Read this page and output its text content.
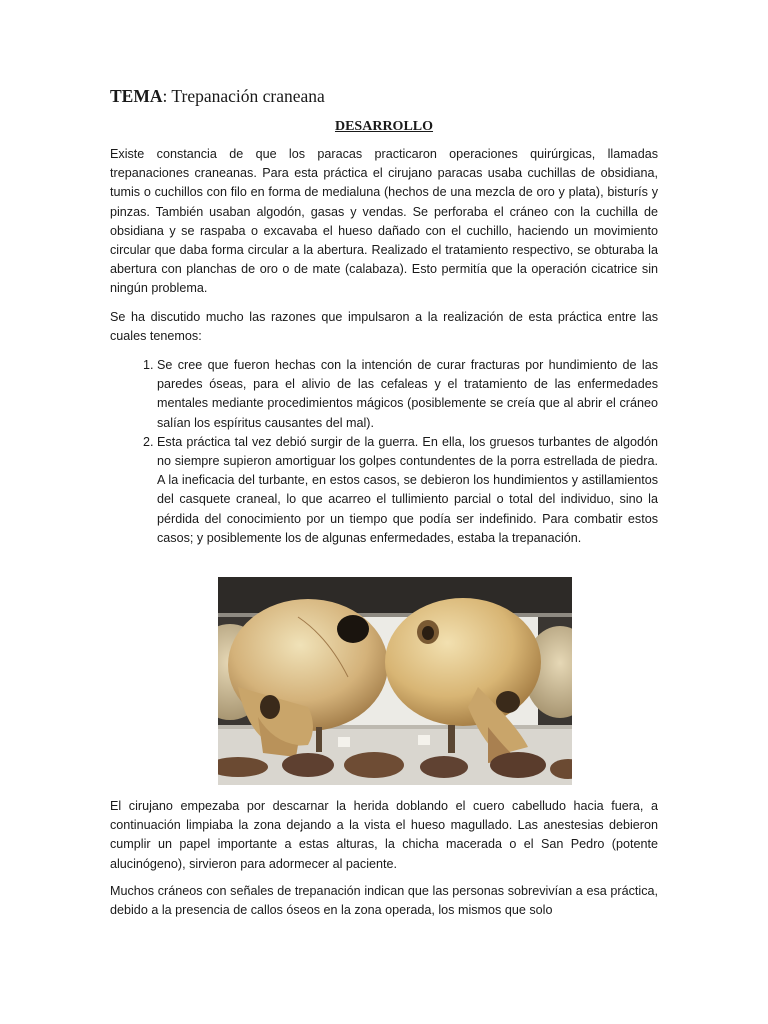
TEMA: Trepanación craneana
DESARROLLO

Existe constancia de que los paracas practicaron operaciones quirúrgicas, llamadas trepanaciones craneanas. Para esta práctica el cirujano paracas usaba cuchillas de obsidiana, tumis o cuchillos con filo en forma de medialuna (hechos de una mezcla de oro y plata), bisturís y pinzas. También usaban algodón, gasas y vendas. Se perforaba el cráneo con la cuchilla de obsidiana y se raspaba o excavaba el hueso dañado con el cuchillo, haciendo un movimiento circular que daba forma circular a la abertura. Realizado el tratamiento respectivo, se obturaba la abertura con planchas de oro o de mate (calabaza). Esto permitía que la operación cicatrice sin ningún problema.

Se ha discutido mucho las razones que impulsaron a la realización de esta práctica entre las cuales tenemos:

1. Se cree que fueron hechas con la intención de curar fracturas por hundimiento de las paredes óseas, para el alivio de las cefaleas y el tratamiento de las enfermedades mentales mediante procedimientos mágicos (posiblemente se creía que al abrir el cráneo salían los espíritus causantes del mal).
2. Esta práctica tal vez debió surgir de la guerra. En ella, los gruesos turbantes de algodón no siempre supieron amortiguar los golpes contundentes de la porra estrellada de piedra. A la ineficacia del turbante, en estos casos, se debieron los hundimientos y astillamientos del casquete craneal, lo que acarreo el tullimiento parcial o total del individuo, sino la pérdida del conocimiento por un tiempo que podía ser indefinido. Para combatir estos casos; y posiblemente los de algunas enfermedades, estaba la trepanación.

El cirujano empezaba por descarnar la herida doblando el cuero cabelludo hacia fuera, a continuación limpiaba la zona dejando a la vista el hueso magullado. Las anestesias debieron cumplir un papel importante a estas alturas, la chicha macerada o el San Pedro (potente alucinógeno), sirvieron para adormecer al paciente.

Muchos cráneos con señales de trepanación indican que las personas sobrevivían a esa práctica, debido a la presencia de callos óseos en la zona operada, los mismos que solo
